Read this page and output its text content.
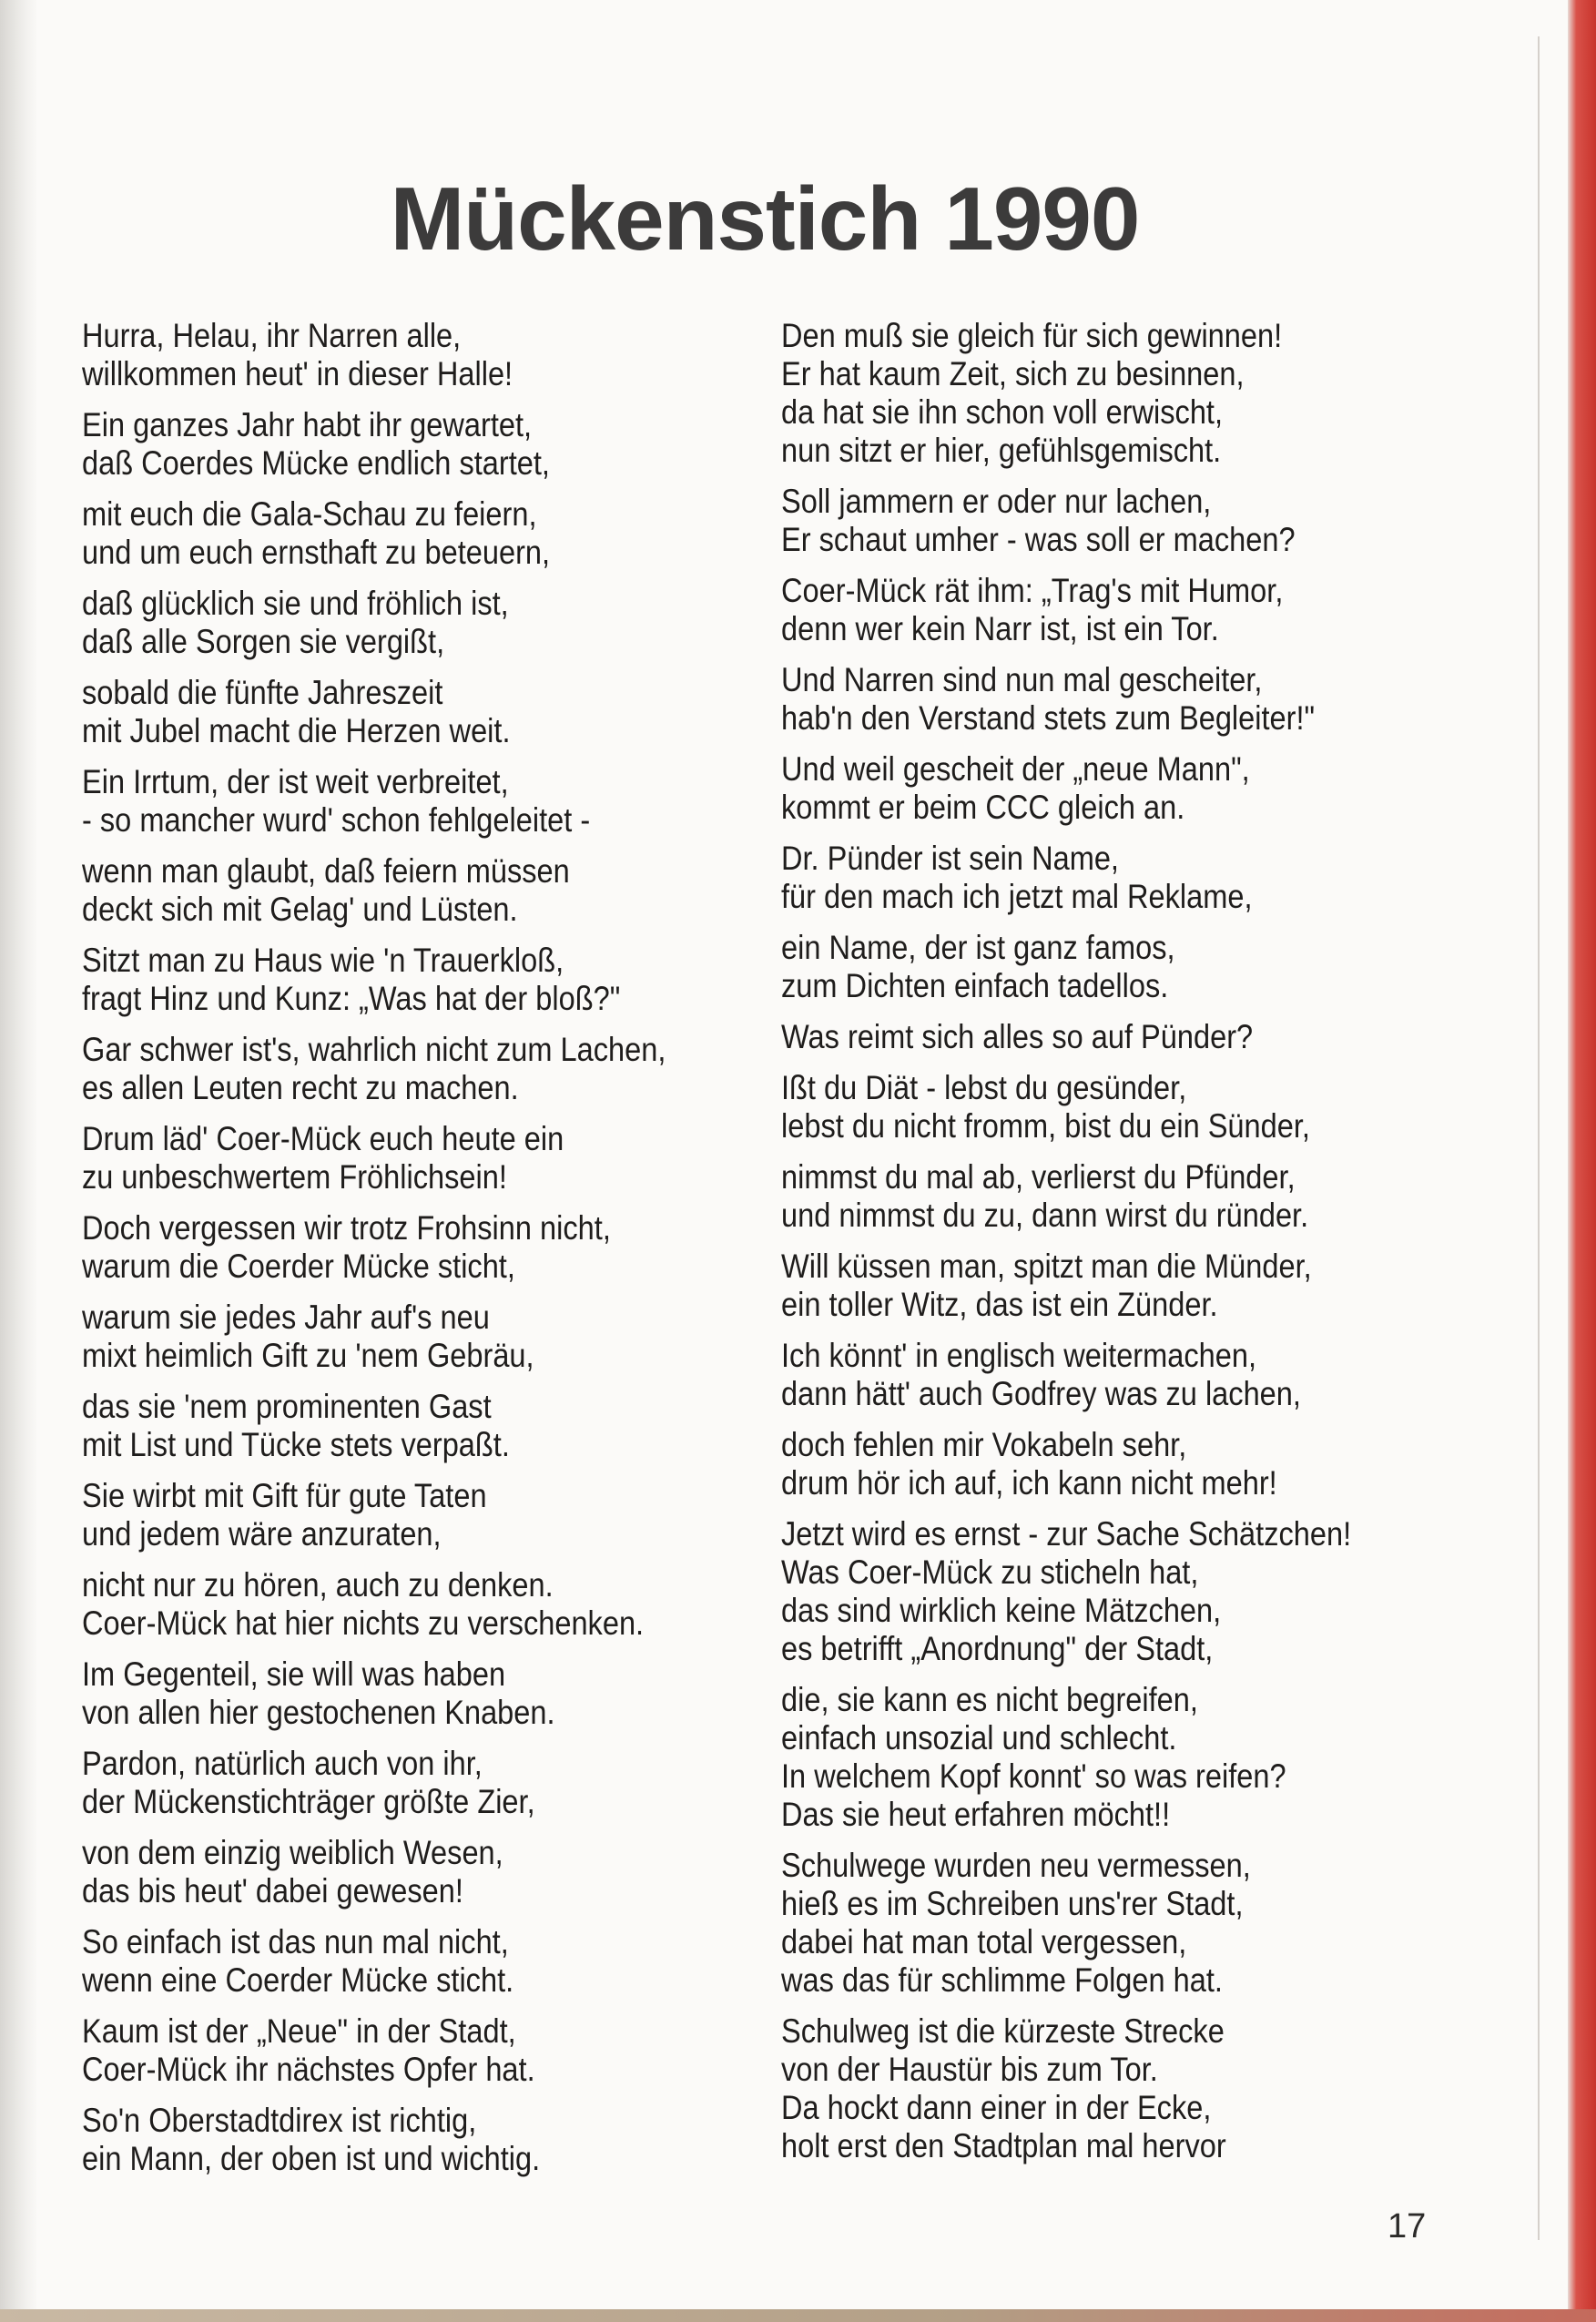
Mückenstich 1990
Hurra, Helau, ihr Narren alle,
willkommen heut' in dieser Halle!
Ein ganzes Jahr habt ihr gewartet,
daß Coerdes Mücke endlich startet,
mit euch die Gala-Schau zu feiern,
und um euch ernsthaft zu beteuern,
daß glücklich sie und fröhlich ist,
daß alle Sorgen sie vergißt,
sobald die fünfte Jahreszeit
mit Jubel macht die Herzen weit.
Ein Irrtum, der ist weit verbreitet,
- so mancher wurd' schon fehlgeleitet -
wenn man glaubt, daß feiern müssen
deckt sich mit Gelag' und Lüsten.
Sitzt man zu Haus wie 'n Trauerkloß,
fragt Hinz und Kunz: „Was hat der bloß?"
Gar schwer ist's, wahrlich nicht zum Lachen,
es allen Leuten recht zu machen.
Drum läd' Coer-Mück euch heute ein
zu unbeschwertem Fröhlichsein!
Doch vergessen wir trotz Frohsinn nicht,
warum die Coerder Mücke sticht,
warum sie jedes Jahr auf's neu
mixt heimlich Gift zu 'nem Gebräu,
das sie 'nem prominenten Gast
mit List und Tücke stets verpaßt.
Sie wirbt mit Gift für gute Taten
und jedem wäre anzuraten,
nicht nur zu hören, auch zu denken.
Coer-Mück hat hier nichts zu verschenken.
Im Gegenteil, sie will was haben
von allen hier gestochenen Knaben.
Pardon, natürlich auch von ihr,
der Mückenstichträger größte Zier,
von dem einzig weiblich Wesen,
das bis heut' dabei gewesen!
So einfach ist das nun mal nicht,
wenn eine Coerder Mücke sticht.
Kaum ist der „Neue" in der Stadt,
Coer-Mück ihr nächstes Opfer hat.
So'n Oberstadtdirex ist richtig,
ein Mann, der oben ist und wichtig.
Den muß sie gleich für sich gewinnen!
Er hat kaum Zeit, sich zu besinnen,
da hat sie ihn schon voll erwischt,
nun sitzt er hier, gefühlsgemischt.
Soll jammern er oder nur lachen,
Er schaut umher - was soll er machen?
Coer-Mück rät ihm: „Trag's mit Humor,
denn wer kein Narr ist, ist ein Tor.
Und Narren sind nun mal gescheiter,
hab'n den Verstand stets zum Begleiter!"
Und weil gescheit der „neue Mann",
kommt er beim CCC gleich an.
Dr. Pünder ist sein Name,
für den mach ich jetzt mal Reklame,
ein Name, der ist ganz famos,
zum Dichten einfach tadellos.
Was reimt sich alles so auf Pünder?
Ißt du Diät - lebst du gesünder,
lebst du nicht fromm, bist du ein Sünder,
nimmst du mal ab, verlierst du Pfünder,
und nimmst du zu, dann wirst du ründer.
Will küssen man, spitzt man die Münder,
ein toller Witz, das ist ein Zünder.
Ich könnt' in englisch weitermachen,
dann hätt' auch Godfrey was zu lachen,
doch fehlen mir Vokabeln sehr,
drum hör ich auf, ich kann nicht mehr!
Jetzt wird es ernst - zur Sache Schätzchen!
Was Coer-Mück zu sticheln hat,
das sind wirklich keine Mätzchen,
es betrifft „Anordnung" der Stadt,
die, sie kann es nicht begreifen,
einfach unsozial und schlecht.
In welchem Kopf konnt' so was reifen?
Das sie heut erfahren möcht!!
Schulwege wurden neu vermessen,
hieß es im Schreiben uns'rer Stadt,
dabei hat man total vergessen,
was das für schlimme Folgen hat.
Schulweg ist die kürzeste Strecke
von der Haustür bis zum Tor.
Da hockt dann einer in der Ecke,
holt erst den Stadtplan mal hervor
17
